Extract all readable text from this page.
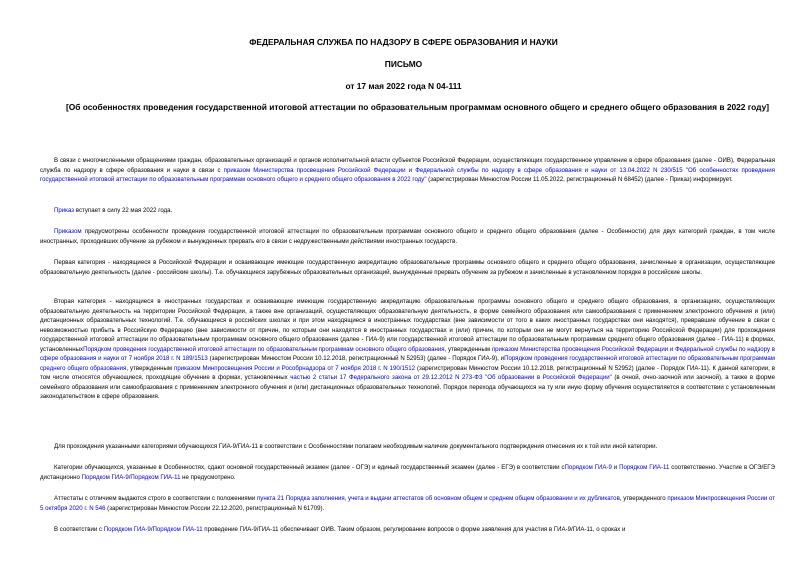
ФЕДЕРАЛЬНАЯ СЛУЖБА ПО НАДЗОРУ В СФЕРЕ ОБРАЗОВАНИЯ И НАУКИ
ПИСЬМО
от 17 мая 2022 года N 04-111
[Об особенностях проведения государственной итоговой аттестации по образовательным программам основного общего и среднего общего образования в 2022 году]

В связи с многочисленными обращениями граждан, образовательных организаций и органов исполнительной власти субъектов Российской Федерации, осуществляющих государственное управление в сфере образования (далее - ОИВ), Федеральная служба по надзору в сфере образования и науки в связи с приказом Министерства просвещения Российской Федерации и Федеральной службы по надзору в сфере образования и науки от 13.04.2022 N 230/515 "Об особенностях проведения государственной итоговой аттестации по образовательным программам основного общего и среднего общего образования в 2022 году" (зарегистрирован Минюстом России 11.05.2022, регистрационный N 68452) (далее - Приказ) информирует.

Приказ вступает в силу 22 мая 2022 года.

Приказом предусмотрены особенности проведения государственной итоговой аттестации по образовательным программам основного общего и среднего общего образования (далее - Особенности) для двух категорий граждан, в том числе иностранных, проходивших обучение за рубежом и вынужденных прервать его в связи с недружественными действиями иностранных государств.

Первая категория - находящиеся в Российской Федерации и осваивающие имеющие государственную аккредитацию образовательные программы основного общего и среднего общего образования, зачисленные в организации, осуществляющие образовательную деятельность (далее - российские школы). Т.е. обучающиеся зарубежных образовательных организаций, вынужденные прервать обучение за рубежом и зачисленные в установленном порядке в российские школы.

Вторая категория - находящиеся в иностранных государствах и осваивающие имеющие государственную аккредитацию образовательные программы основного общего и среднего общего образования, в организациях, осуществляющих образовательную деятельность на территории Российской Федерации, а также вне организаций, осуществляющих образовательную деятельность, в форме семейного образования или самообразования с применением электронного обучения и (или) дистанционных образовательных технологий. Т.е. обучающиеся в российских школах и при этом находящиеся в иностранных государствах (вне зависимости от того в каких иностранных государствах они находятся), превравшие обучение в связи с невозможностью прибыть в Российскую Федерацию (вне зависимости от причин, по которым они находятся в иностранных государствах и (или) причин, по которым они не могут вернуться на территорию Российской Федерации) для прохождения государственной итоговой аттестации по образовательным программам основного общего образования (далее - ГИА-9) или государственной итоговой аттестации по образовательным программам среднего общего образования (далее - ГИА-11) в формах, установленныхПорядком проведения государственной итоговой аттестации по образовательным программам основного общего образования, утвержденным приказом Министерства просвещения Российской Федерации и Федеральной службы по надзору в сфере образования и науки от 7 ноября 2018 г. N 189/1513 (зарегистрирован Минюстом России 10.12.2018, регистрационный N 52953) (далее - Порядок ГИА-9), иПорядком проведения государственной итоговой аттестации по образовательным программам среднего общего образования, утвержденным приказом Минпросвещения России и Рособрнадзора от 7 ноября 2018 г. N 190/1512 (зарегистрирован Минюстом России 10.12.2018, регистрационный N 52952) (далее - Порядок ГИА-11). К данной категории, в том числе относятся обучающиеся, проходящие обучение в формах, установленных частью 2 статьи 17 Федерального закона от 29.12.2012 N 273-ФЗ "Об образовании в Российской Федерации" (в очной, очно-заочной или заочной), а также в форме семейного образования или самообразования с применением электронного обучения и (или) дистанционных образовательных технологий. Порядок перехода обучающихся на ту или иную форму обучения осуществляется в соответствии с установленным законодательством в сфере образования.

Для прохождения указанными категориями обучающихся ГИА-9/ГИА-11 в соответствии с Особенностями полагаем необходимым наличие документального подтверждения отнесения их к той или иной категории.

Категории обучающихся, указанные в Особенностях, сдают основной государственный экзамен (далее - ОГЭ) и единый государственный экзамен (далее - ЕГЭ) в соответствии сПорядком ГИА-9 и Порядком ГИА-11 соответственно. Участие в ОГЭ/ЕГЭ дистанционно Порядком ГИА-9/Порядком ГИА-11 не предусмотрено.

Аттестаты с отличием выдаются строго в соответствии с положениями пункта 21 Порядка заполнения, учета и выдачи аттестатов об основном общем и среднем общем образовании и их дубликатов, утвержденного приказом Минпросвещения России от 5 октября 2020 г. N 546 (зарегистрирован Минюстом России 22.12.2020, регистрационный N 61709).

В соответствии с Порядком ГИА-9/Порядком ГИА-11 проведение ГИА-9/ГИА-11 обеспечивает ОИВ. Таким образом, регулирование вопросов о форме заявления для участия в ГИА-9/ГИА-11, о сроках и
